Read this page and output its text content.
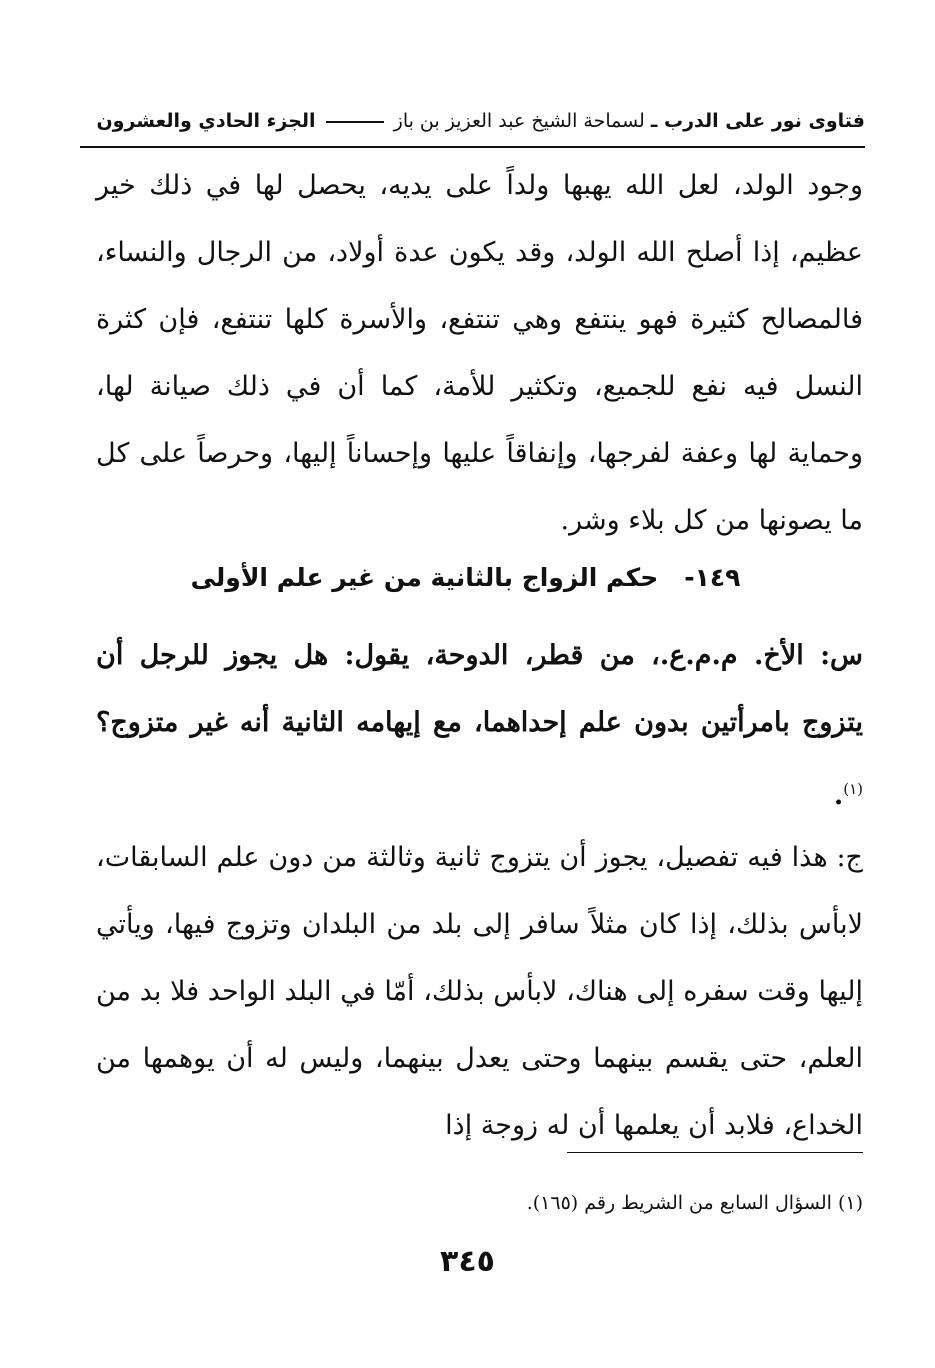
فتاوى نور على الدرب ـ لسماحة الشيخ عبد العزيز بن باز  الجزء الحادي والعشرون

وجود الولد، لعل الله يهبها ولداً على يديه، يحصل لها في ذلك خير عظيم، إذا أصلح الله الولد، وقد يكون عدة أولاد، من الرجال والنساء، فالمصالح كثيرة فهو ينتفع وهي تنتفع، والأسرة كلها تنتفع، فإن كثرة النسل فيه نفع للجميع، وتكثير للأمة، كما أن في ذلك صيانة لها، وحماية لها وعفة لفرجها، وإنفاقاً عليها وإحساناً إليها، وحرصاً على كل ما يصونها من كل بلاء وشر.

١٤٩-حكم الزواج بالثانية من غير علم الأولى

س: الأخ. م.م.ع.، من قطر، الدوحة، يقول: هل يجوز للرجل أن يتزوج بامرأتين بدون علم إحداهما، مع إيهامه الثانية أنه غير متزوج؟ $^{(١)}$.

ج: هذا فيه تفصيل، يجوز أن يتزوج ثانية وثالثة من دون علم السابقات، لابأس بذلك، إذا كان مثلاً سافر إلى بلد من البلدان وتزوج فيها، ويأتي إليها وقت سفره إلى هناك، لابأس بذلك، أمّا في البلد الواحد فلا بد من العلم، حتى يقسم بينهما وحتى يعدل بينهما، وليس له أن يوهمها من الخداع، فلابد أن يعلمها أن له زوجة إذا

(١) السؤال السابع من الشريط رقم (١٦٥).
٣٤٥
